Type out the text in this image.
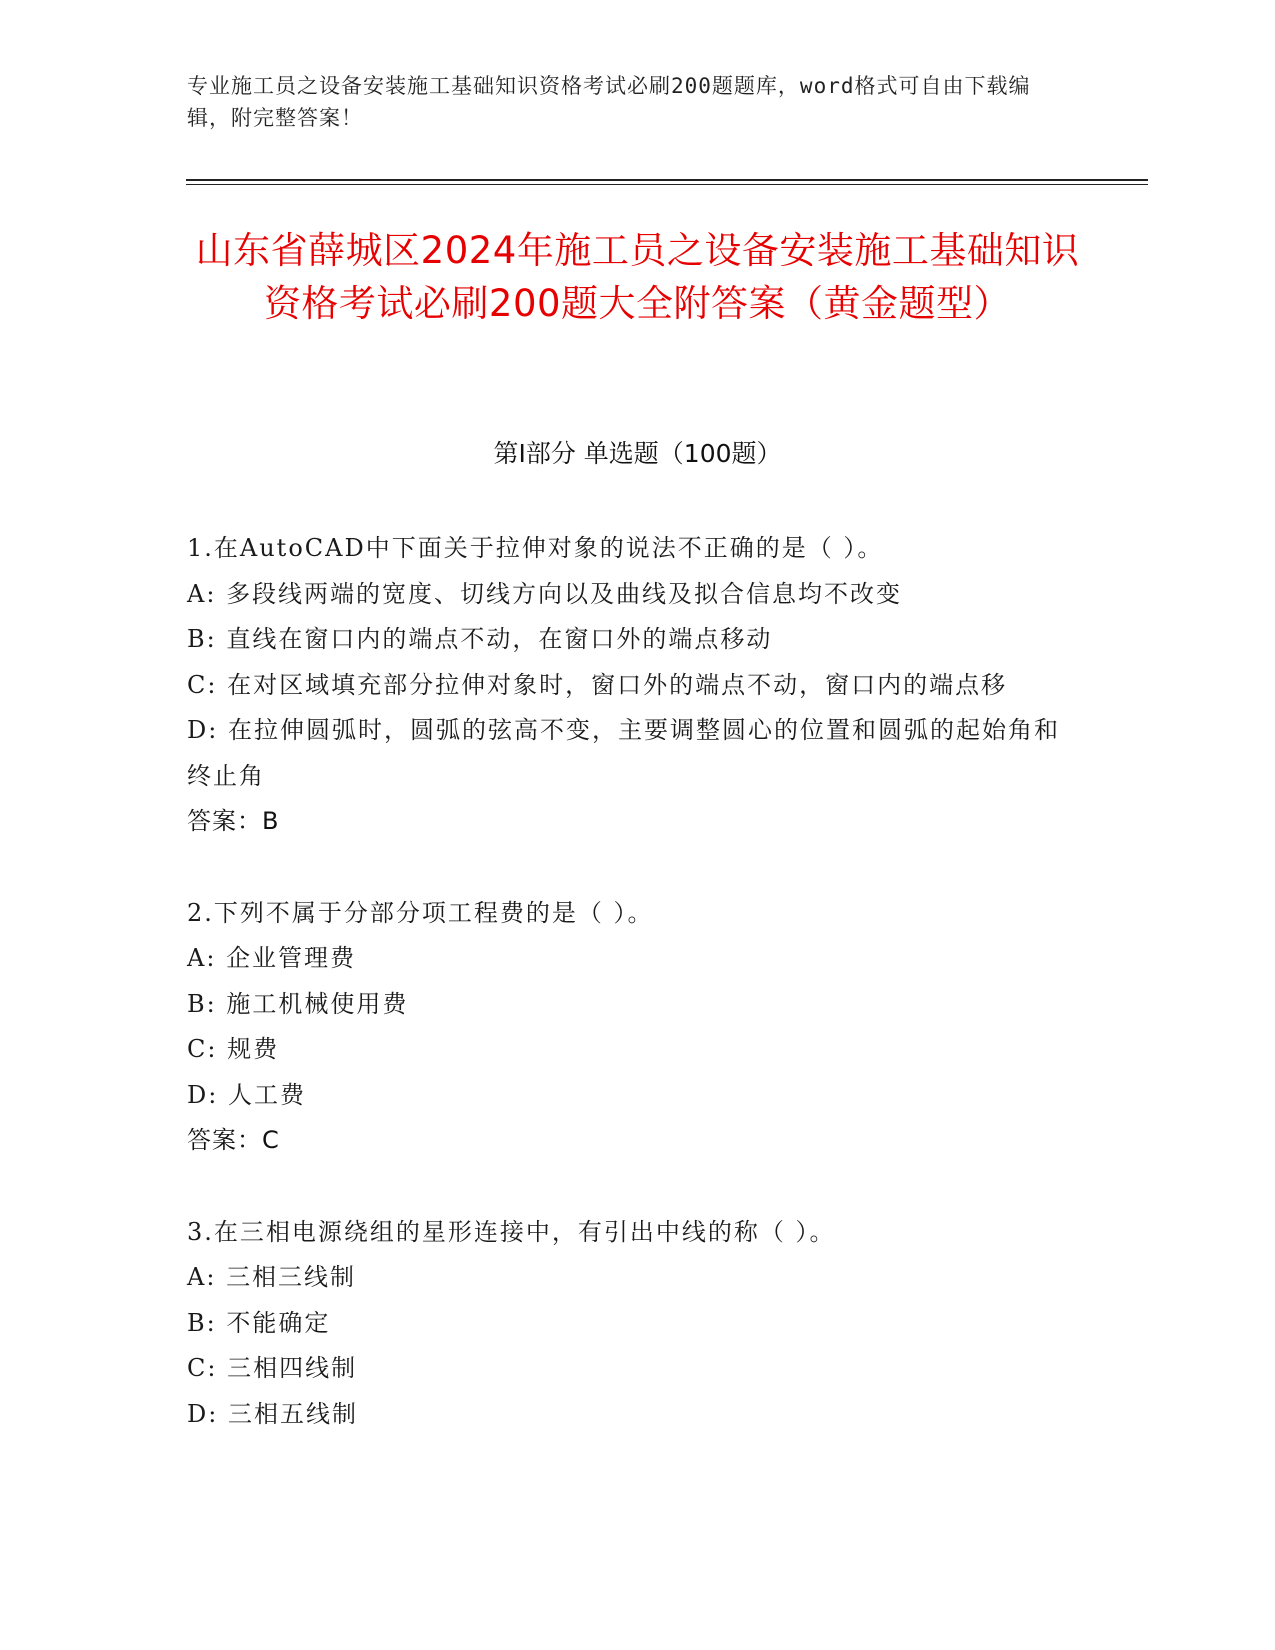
专业施工员之设备安装施工基础知识资格考试必刷200题题库，word格式可自由下载编辑，附完整答案！
山东省薛城区2024年施工员之设备安装施工基础知识资格考试必刷200题大全附答案（黄金题型）
第I部分 单选题（100题）
1.在AutoCAD中下面关于拉伸对象的说法不正确的是（ ）。
A: 多段线两端的宽度、切线方向以及曲线及拟合信息均不改变
B: 直线在窗口内的端点不动，在窗口外的端点移动
C: 在对区域填充部分拉伸对象时，窗口外的端点不动，窗口内的端点移
D: 在拉伸圆弧时，圆弧的弦高不变，主要调整圆心的位置和圆弧的起始角和终止角
答案：B
2.下列不属于分部分项工程费的是（ ）。
A: 企业管理费
B: 施工机械使用费
C: 规费
D: 人工费
答案：C
3.在三相电源绕组的星形连接中，有引出中线的称（ ）。
A: 三相三线制
B: 不能确定
C: 三相四线制
D: 三相五线制
